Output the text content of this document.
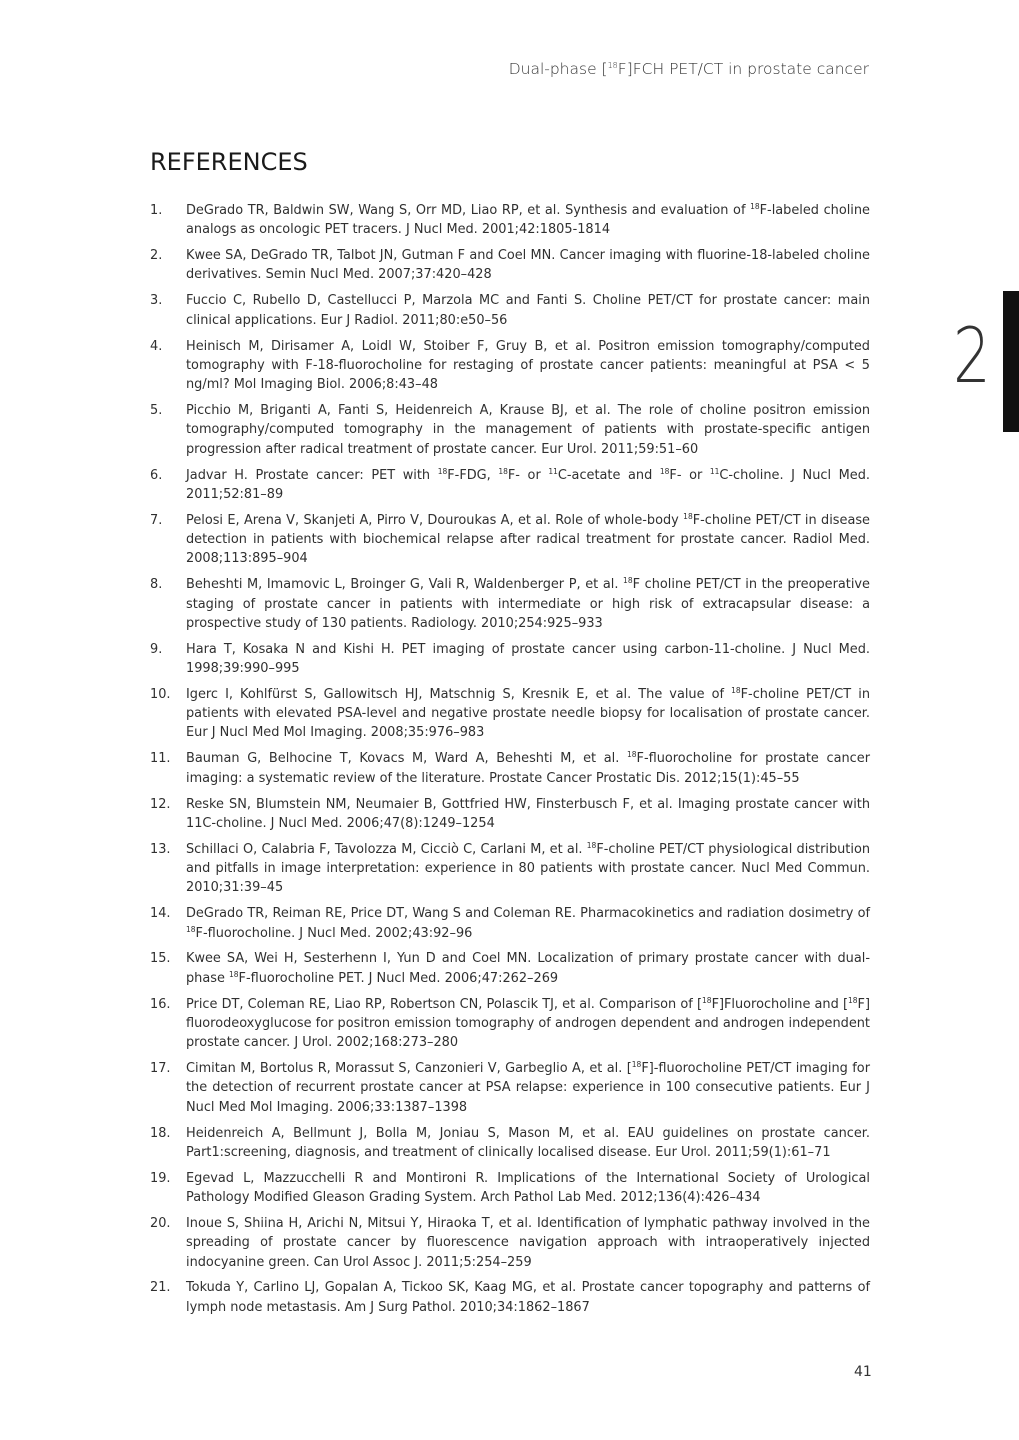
Dual-phase [$^{18}$F]FCH PET/CT in prostate cancer
REFERENCES
1.	DeGrado TR, Baldwin SW, Wang S, Orr MD, Liao RP, et al. Synthesis and evaluation of $^{18}$F-labeled choline analogs as oncologic PET tracers. J Nucl Med. 2001;42:1805-1814
2.	Kwee SA, DeGrado TR, Talbot JN, Gutman F and Coel MN. Cancer imaging with fluorine-18-labeled choline derivatives. Semin Nucl Med. 2007;37:420–428
3.	Fuccio C, Rubello D, Castellucci P, Marzola MC and Fanti S. Choline PET/CT for prostate cancer: main clinical applications. Eur J Radiol. 2011;80:e50–56
4.	Heinisch M, Dirisamer A, Loidl W, Stoiber F, Gruy B, et al. Positron emission tomography/computed tomography with F-18-fluorocholine for restaging of prostate cancer patients: meaningful at PSA < 5 ng/ml? Mol Imaging Biol. 2006;8:43–48
5.	Picchio M, Briganti A, Fanti S, Heidenreich A, Krause BJ, et al. The role of choline positron emission tomography/computed tomography in the management of patients with prostate-specific antigen progression after radical treatment of prostate cancer. Eur Urol. 2011;59:51–60
6.	Jadvar H. Prostate cancer: PET with $^{18}$F-FDG, $^{18}$F- or $^{11}$C-acetate and $^{18}$F- or $^{11}$C-choline. J Nucl Med. 2011;52:81–89
7.	Pelosi E, Arena V, Skanjeti A, Pirro V, Douroukas A, et al. Role of whole-body $^{18}$F-choline PET/CT in disease detection in patients with biochemical relapse after radical treatment for prostate cancer. Radiol Med. 2008;113:895–904
8.	Beheshti M, Imamovic L, Broinger G, Vali R, Waldenberger P, et al. $^{18}$F choline PET/CT in the preoperative staging of prostate cancer in patients with intermediate or high risk of extracapsular disease: a prospective study of 130 patients. Radiology. 2010;254:925–933
9.	Hara T, Kosaka N and Kishi H. PET imaging of prostate cancer using carbon-11-choline. J Nucl Med. 1998;39:990–995
10.	Igerc I, Kohlfürst S, Gallowitsch HJ, Matschnig S, Kresnik E, et al. The value of $^{18}$F-choline PET/CT in patients with elevated PSA-level and negative prostate needle biopsy for localisation of prostate cancer. Eur J Nucl Med Mol Imaging. 2008;35:976–983
11.	Bauman G, Belhocine T, Kovacs M, Ward A, Beheshti M, et al. $^{18}$F-fluorocholine for prostate cancer imaging: a systematic review of the literature. Prostate Cancer Prostatic Dis. 2012;15(1):45–55
12.	Reske SN, Blumstein NM, Neumaier B, Gottfried HW, Finsterbusch F, et al. Imaging prostate cancer with 11C-choline. J Nucl Med. 2006;47(8):1249–1254
13.	Schillaci O, Calabria F, Tavolozza M, Cicciò C, Carlani M, et al. $^{18}$F-choline PET/CT physiological distribution and pitfalls in image interpretation: experience in 80 patients with prostate cancer. Nucl Med Commun. 2010;31:39–45
14.	DeGrado TR, Reiman RE, Price DT, Wang S and Coleman RE. Pharmacokinetics and radiation dosimetry of $^{18}$F-fluorocholine. J Nucl Med. 2002;43:92–96
15.	Kwee SA, Wei H, Sesterhenn I, Yun D and Coel MN. Localization of primary prostate cancer with dual-phase $^{18}$F-fluorocholine PET. J Nucl Med. 2006;47:262–269
16.	Price DT, Coleman RE, Liao RP, Robertson CN, Polascik TJ, et al. Comparison of [$^{18}$F]Fluorocholine and [$^{18}$F] fluorodeoxyglucose for positron emission tomography of androgen dependent and androgen independent prostate cancer. J Urol. 2002;168:273–280
17.	Cimitan M, Bortolus R, Morassut S, Canzonieri V, Garbeglio A, et al. [$^{18}$F]-fluorocholine PET/CT imaging for the detection of recurrent prostate cancer at PSA relapse: experience in 100 consecutive patients. Eur J Nucl Med Mol Imaging. 2006;33:1387–1398
18.	Heidenreich A, Bellmunt J, Bolla M, Joniau S, Mason M, et al. EAU guidelines on prostate cancer. Part1:screening, diagnosis, and treatment of clinically localised disease. Eur Urol. 2011;59(1):61–71
19.	Egevad L, Mazzucchelli R and Montironi R. Implications of the International Society of Urological Pathology Modified Gleason Grading System. Arch Pathol Lab Med. 2012;136(4):426–434
20.	Inoue S, Shiina H, Arichi N, Mitsui Y, Hiraoka T, et al. Identification of lymphatic pathway involved in the spreading of prostate cancer by fluorescence navigation approach with intraoperatively injected indocyanine green. Can Urol Assoc J. 2011;5:254–259
21.	Tokuda Y, Carlino LJ, Gopalan A, Tickoo SK, Kaag MG, et al. Prostate cancer topography and patterns of lymph node metastasis. Am J Surg Pathol. 2010;34:1862–1867
2
41
